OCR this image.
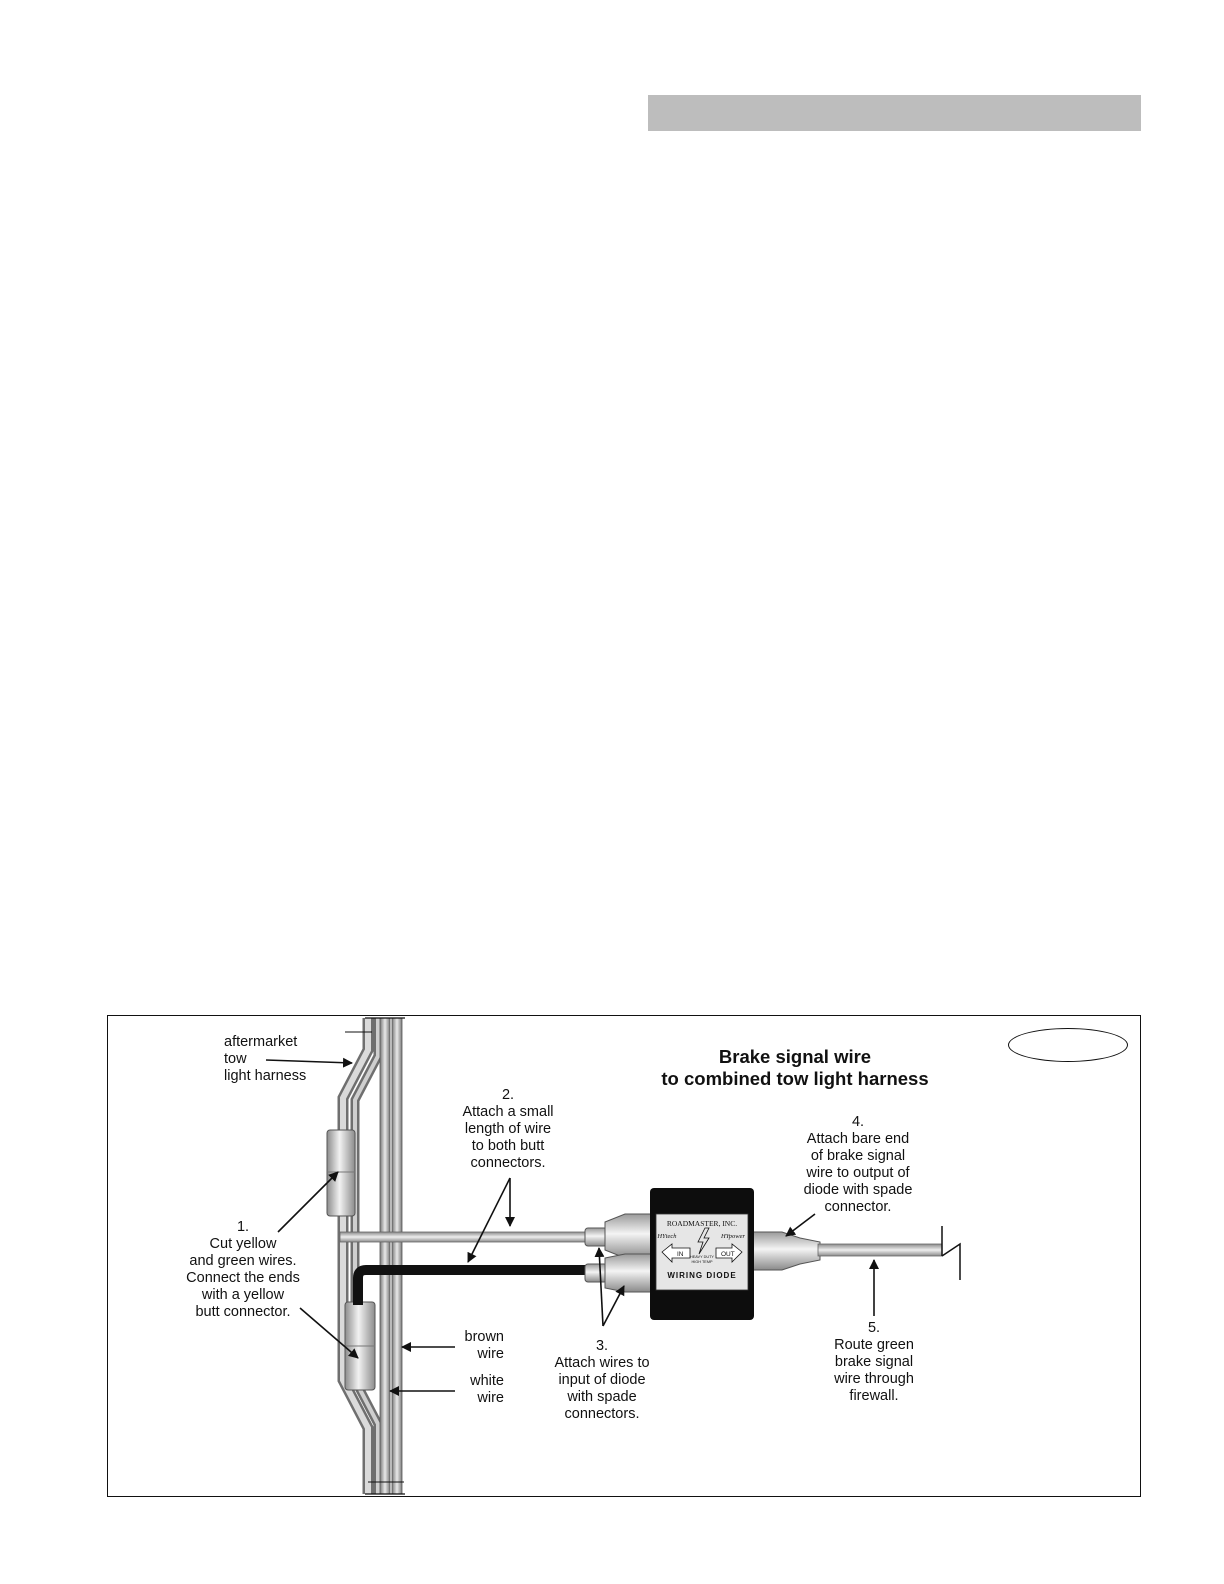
ROADMASTER, INC.
HYtech	HYpower
IN	OUT
HEAVY DUTY
HIGH TEMP
WIRING DIODE
Brake signal wire
to combined tow light harness
aftermarket
tow
light harness
1.
Cut yellow
and green wires.
Connect the ends
with a yellow
butt connector.
2.
Attach a small
length of wire
to both butt
connectors.
3.
Attach wires to
input of diode
with spade
connectors.
4.
Attach bare end
of brake signal
wire to output of
diode with spade
connector.
5.
Route green
brake signal
wire through
firewall.
brown
wire
white
wire
